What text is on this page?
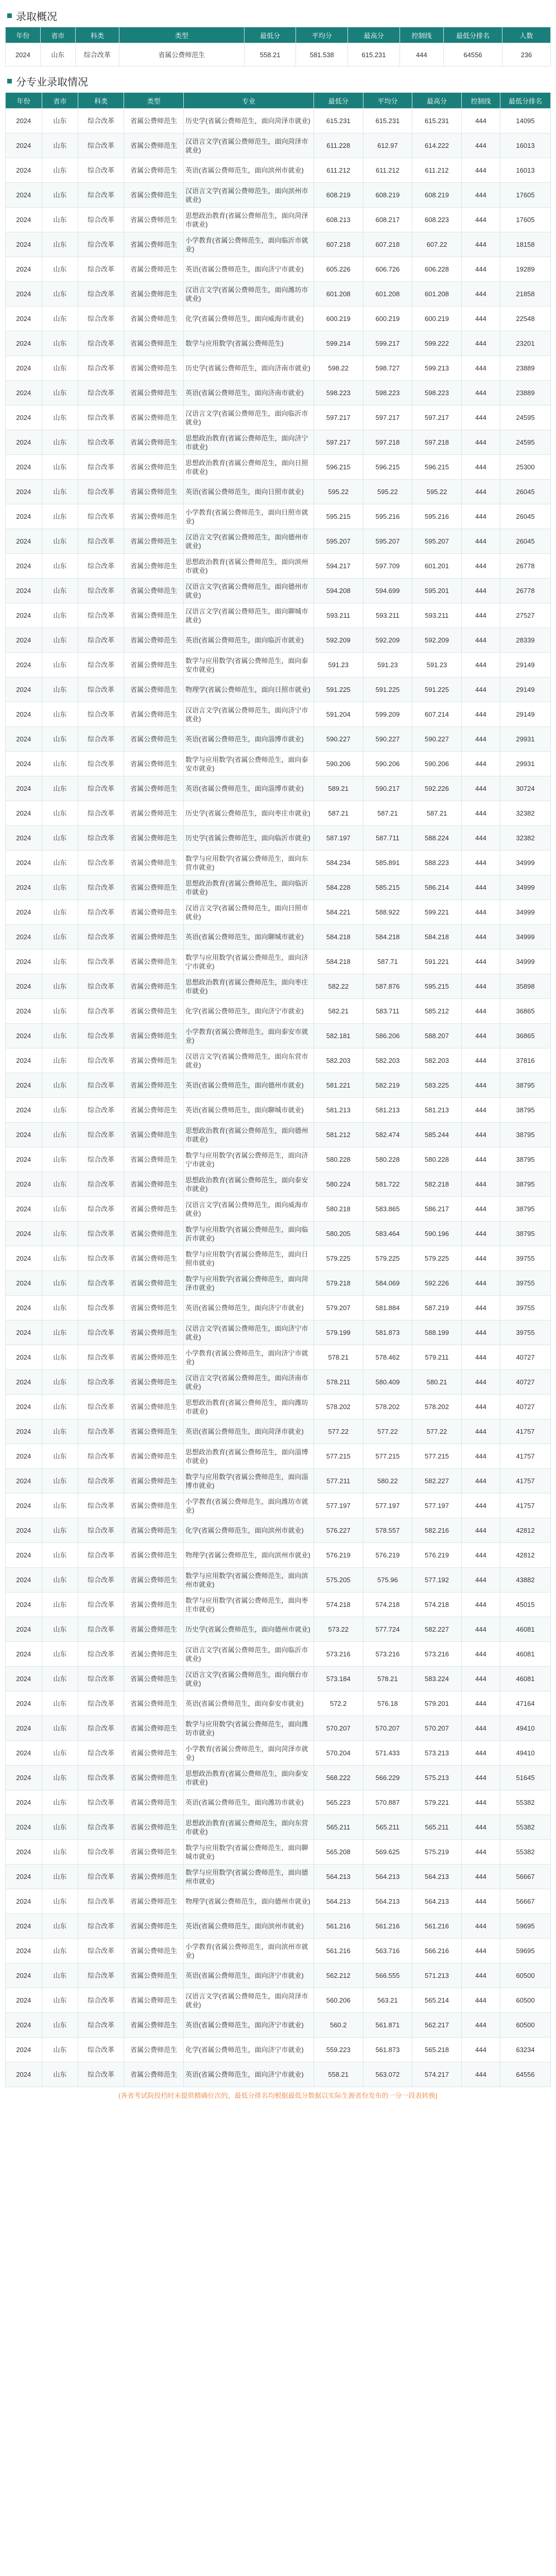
录取概况
年份	省市	科类	类型	最低分	平均分	最高分	控制线	最低分排名	人数
2024	山东	综合改革	省属公费师范生	558.21	581.538	615.231	444	64556	236
分专业录取情况
年份	省市	科类	类型	专业	最低分	平均分	最高分	控制线	最低分排名
2024	山东	综合改革	省属公费师范生	历史学(省属公费师范生，面向菏泽市就业)	615.231	615.231	615.231	444	14095
2024	山东	综合改革	省属公费师范生	汉语言文学(省属公费师范生，面向菏泽市就业)	611.228	612.97	614.222	444	16013
2024	山东	综合改革	省属公费师范生	英语(省属公费师范生，面向滨州市就业)	611.212	611.212	611.212	444	16013
2024	山东	综合改革	省属公费师范生	汉语言文学(省属公费师范生，面向滨州市就业)	608.219	608.219	608.219	444	17605
2024	山东	综合改革	省属公费师范生	思想政治教育(省属公费师范生，面向菏泽市就业)	608.213	608.217	608.223	444	17605
2024	山东	综合改革	省属公费师范生	小学教育(省属公费师范生，面向临沂市就业)	607.218	607.218	607.22	444	18158
2024	山东	综合改革	省属公费师范生	英语(省属公费师范生，面向济宁市就业)	605.226	606.726	606.228	444	19289
2024	山东	综合改革	省属公费师范生	汉语言文学(省属公费师范生，面向潍坊市就业)	601.208	601.208	601.208	444	21858
2024	山东	综合改革	省属公费师范生	化学(省属公费师范生，面向威海市就业)	600.219	600.219	600.219	444	22548
2024	山东	综合改革	省属公费师范生	数学与应用数学(省属公费师范生)	599.214	599.217	599.222	444	23201
2024	山东	综合改革	省属公费师范生	历史学(省属公费师范生，面向济南市就业)	598.22	598.727	599.213	444	23889
2024	山东	综合改革	省属公费师范生	英语(省属公费师范生，面向济南市就业)	598.223	598.223	598.223	444	23889
2024	山东	综合改革	省属公费师范生	汉语言文学(省属公费师范生，面向临沂市就业)	597.217	597.217	597.217	444	24595
2024	山东	综合改革	省属公费师范生	思想政治教育(省属公费师范生，面向济宁市就业)	597.217	597.218	597.218	444	24595
2024	山东	综合改革	省属公费师范生	思想政治教育(省属公费师范生，面向日照市就业)	596.215	596.215	596.215	444	25300
2024	山东	综合改革	省属公费师范生	英语(省属公费师范生，面向日照市就业)	595.22	595.22	595.22	444	26045
2024	山东	综合改革	省属公费师范生	小学教育(省属公费师范生，面向日照市就业)	595.215	595.216	595.216	444	26045
2024	山东	综合改革	省属公费师范生	汉语言文学(省属公费师范生，面向德州市就业)	595.207	595.207	595.207	444	26045
2024	山东	综合改革	省属公费师范生	思想政治教育(省属公费师范生，面向滨州市就业)	594.217	597.709	601.201	444	26778
2024	山东	综合改革	省属公费师范生	汉语言文学(省属公费师范生，面向德州市就业)	594.208	594.699	595.201	444	26778
2024	山东	综合改革	省属公费师范生	汉语言文学(省属公费师范生，面向聊城市就业)	593.211	593.211	593.211	444	27527
2024	山东	综合改革	省属公费师范生	英语(省属公费师范生，面向临沂市就业)	592.209	592.209	592.209	444	28339
2024	山东	综合改革	省属公费师范生	数学与应用数学(省属公费师范生，面向泰安市就业)	591.23	591.23	591.23	444	29149
2024	山东	综合改革	省属公费师范生	物理学(省属公费师范生，面向日照市就业)	591.225	591.225	591.225	444	29149
2024	山东	综合改革	省属公费师范生	汉语言文学(省属公费师范生，面向济宁市就业)	591.204	599.209	607.214	444	29149
2024	山东	综合改革	省属公费师范生	英语(省属公费师范生，面向淄博市就业)	590.227	590.227	590.227	444	29931
2024	山东	综合改革	省属公费师范生	数学与应用数学(省属公费师范生，面向泰安市就业)	590.206	590.206	590.206	444	29931
2024	山东	综合改革	省属公费师范生	英语(省属公费师范生，面向淄博市就业)	589.21	590.217	592.226	444	30724
2024	山东	综合改革	省属公费师范生	历史学(省属公费师范生，面向枣庄市就业)	587.21	587.21	587.21	444	32382
2024	山东	综合改革	省属公费师范生	历史学(省属公费师范生，面向临沂市就业)	587.197	587.711	588.224	444	32382
2024	山东	综合改革	省属公费师范生	数学与应用数学(省属公费师范生，面向东营市就业)	584.234	585.891	588.223	444	34999
2024	山东	综合改革	省属公费师范生	思想政治教育(省属公费师范生，面向临沂市就业)	584.228	585.215	586.214	444	34999
2024	山东	综合改革	省属公费师范生	汉语言文学(省属公费师范生，面向日照市就业)	584.221	588.922	599.221	444	34999
2024	山东	综合改革	省属公费师范生	英语(省属公费师范生，面向聊城市就业)	584.218	584.218	584.218	444	34999
2024	山东	综合改革	省属公费师范生	数学与应用数学(省属公费师范生，面向济宁市就业)	584.218	587.71	591.221	444	34999
2024	山东	综合改革	省属公费师范生	思想政治教育(省属公费师范生，面向枣庄市就业)	582.22	587.876	595.215	444	35898
2024	山东	综合改革	省属公费师范生	化学(省属公费师范生，面向济宁市就业)	582.21	583.711	585.212	444	36865
2024	山东	综合改革	省属公费师范生	小学教育(省属公费师范生，面向泰安市就业)	582.181	586.206	588.207	444	36865
2024	山东	综合改革	省属公费师范生	汉语言文学(省属公费师范生，面向东营市就业)	582.203	582.203	582.203	444	37816
2024	山东	综合改革	省属公费师范生	英语(省属公费师范生，面向德州市就业)	581.221	582.219	583.225	444	38795
2024	山东	综合改革	省属公费师范生	英语(省属公费师范生，面向聊城市就业)	581.213	581.213	581.213	444	38795
2024	山东	综合改革	省属公费师范生	思想政治教育(省属公费师范生，面向德州市就业)	581.212	582.474	585.244	444	38795
2024	山东	综合改革	省属公费师范生	数学与应用数学(省属公费师范生，面向济宁市就业)	580.228	580.228	580.228	444	38795
2024	山东	综合改革	省属公费师范生	思想政治教育(省属公费师范生，面向泰安市就业)	580.224	581.722	582.218	444	38795
2024	山东	综合改革	省属公费师范生	汉语言文学(省属公费师范生，面向威海市就业)	580.218	583.865	586.217	444	38795
2024	山东	综合改革	省属公费师范生	数学与应用数学(省属公费师范生，面向临沂市就业)	580.205	583.464	590.196	444	38795
2024	山东	综合改革	省属公费师范生	数学与应用数学(省属公费师范生，面向日照市就业)	579.225	579.225	579.225	444	39755
2024	山东	综合改革	省属公费师范生	数学与应用数学(省属公费师范生，面向菏泽市就业)	579.218	584.069	592.226	444	39755
2024	山东	综合改革	省属公费师范生	英语(省属公费师范生，面向济宁市就业)	579.207	581.884	587.219	444	39755
2024	山东	综合改革	省属公费师范生	汉语言文学(省属公费师范生，面向济宁市就业)	579.199	581.873	588.199	444	39755
2024	山东	综合改革	省属公费师范生	小学教育(省属公费师范生，面向济宁市就业)	578.21	578.462	579.211	444	40727
2024	山东	综合改革	省属公费师范生	汉语言文学(省属公费师范生，面向济南市就业)	578.211	580.409	580.21	444	40727
2024	山东	综合改革	省属公费师范生	思想政治教育(省属公费师范生，面向潍坊市就业)	578.202	578.202	578.202	444	40727
2024	山东	综合改革	省属公费师范生	英语(省属公费师范生，面向菏泽市就业)	577.22	577.22	577.22	444	41757
2024	山东	综合改革	省属公费师范生	思想政治教育(省属公费师范生，面向淄博市就业)	577.215	577.215	577.215	444	41757
2024	山东	综合改革	省属公费师范生	数学与应用数学(省属公费师范生，面向淄博市就业)	577.211	580.22	582.227	444	41757
2024	山东	综合改革	省属公费师范生	小学教育(省属公费师范生，面向潍坊市就业)	577.197	577.197	577.197	444	41757
2024	山东	综合改革	省属公费师范生	化学(省属公费师范生，面向滨州市就业)	576.227	578.557	582.216	444	42812
2024	山东	综合改革	省属公费师范生	物理学(省属公费师范生，面向滨州市就业)	576.219	576.219	576.219	444	42812
2024	山东	综合改革	省属公费师范生	数学与应用数学(省属公费师范生，面向滨州市就业)	575.205	575.96	577.192	444	43882
2024	山东	综合改革	省属公费师范生	数学与应用数学(省属公费师范生，面向枣庄市就业)	574.218	574.218	574.218	444	45015
2024	山东	综合改革	省属公费师范生	历史学(省属公费师范生，面向德州市就业)	573.22	577.724	582.227	444	46081
2024	山东	综合改革	省属公费师范生	汉语言文学(省属公费师范生，面向临沂市就业)	573.216	573.216	573.216	444	46081
2024	山东	综合改革	省属公费师范生	汉语言文学(省属公费师范生，面向烟台市就业)	573.184	578.21	583.224	444	46081
2024	山东	综合改革	省属公费师范生	英语(省属公费师范生，面向泰安市就业)	572.2	576.18	579.201	444	47164
2024	山东	综合改革	省属公费师范生	数学与应用数学(省属公费师范生，面向潍坊市就业)	570.207	570.207	570.207	444	49410
2024	山东	综合改革	省属公费师范生	小学教育(省属公费师范生，面向菏泽市就业)	570.204	571.433	573.213	444	49410
2024	山东	综合改革	省属公费师范生	思想政治教育(省属公费师范生，面向泰安市就业)	568.222	566.229	575.213	444	51645
2024	山东	综合改革	省属公费师范生	英语(省属公费师范生，面向潍坊市就业)	565.223	570.887	579.221	444	55382
2024	山东	综合改革	省属公费师范生	思想政治教育(省属公费师范生，面向东营市就业)	565.211	565.211	565.211	444	55382
2024	山东	综合改革	省属公费师范生	数学与应用数学(省属公费师范生，面向聊城市就业)	565.208	569.625	575.219	444	55382
2024	山东	综合改革	省属公费师范生	数学与应用数学(省属公费师范生，面向德州市就业)	564.213	564.213	564.213	444	56667
2024	山东	综合改革	省属公费师范生	物理学(省属公费师范生，面向德州市就业)	564.213	564.213	564.213	444	56667
2024	山东	综合改革	省属公费师范生	英语(省属公费师范生，面向滨州市就业)	561.216	561.216	561.216	444	59695
2024	山东	综合改革	省属公费师范生	小学教育(省属公费师范生，面向滨州市就业)	561.216	563.716	566.216	444	59695
2024	山东	综合改革	省属公费师范生	英语(省属公费师范生，面向济宁市就业)	562.212	566.555	571.213	444	60500
2024	山东	综合改革	省属公费师范生	汉语言文学(省属公费师范生，面向菏泽市就业)	560.206	563.21	565.214	444	60500
2024	山东	综合改革	省属公费师范生	英语(省属公费师范生，面向济宁市就业)	560.2	561.871	562.217	444	60500
2024	山东	综合改革	省属公费师范生	化学(省属公费师范生，面向济宁市就业)	559.223	561.873	565.218	444	63234
2024	山东	综合改革	省属公费师范生	英语(省属公费师范生，面向济宁市就业)	558.21	563.072	574.217	444	64556
(各省考试院投档时未提供精确位次的，最低分排名均根据最低分数据以实际生源省份发布的一分一段表转换)
